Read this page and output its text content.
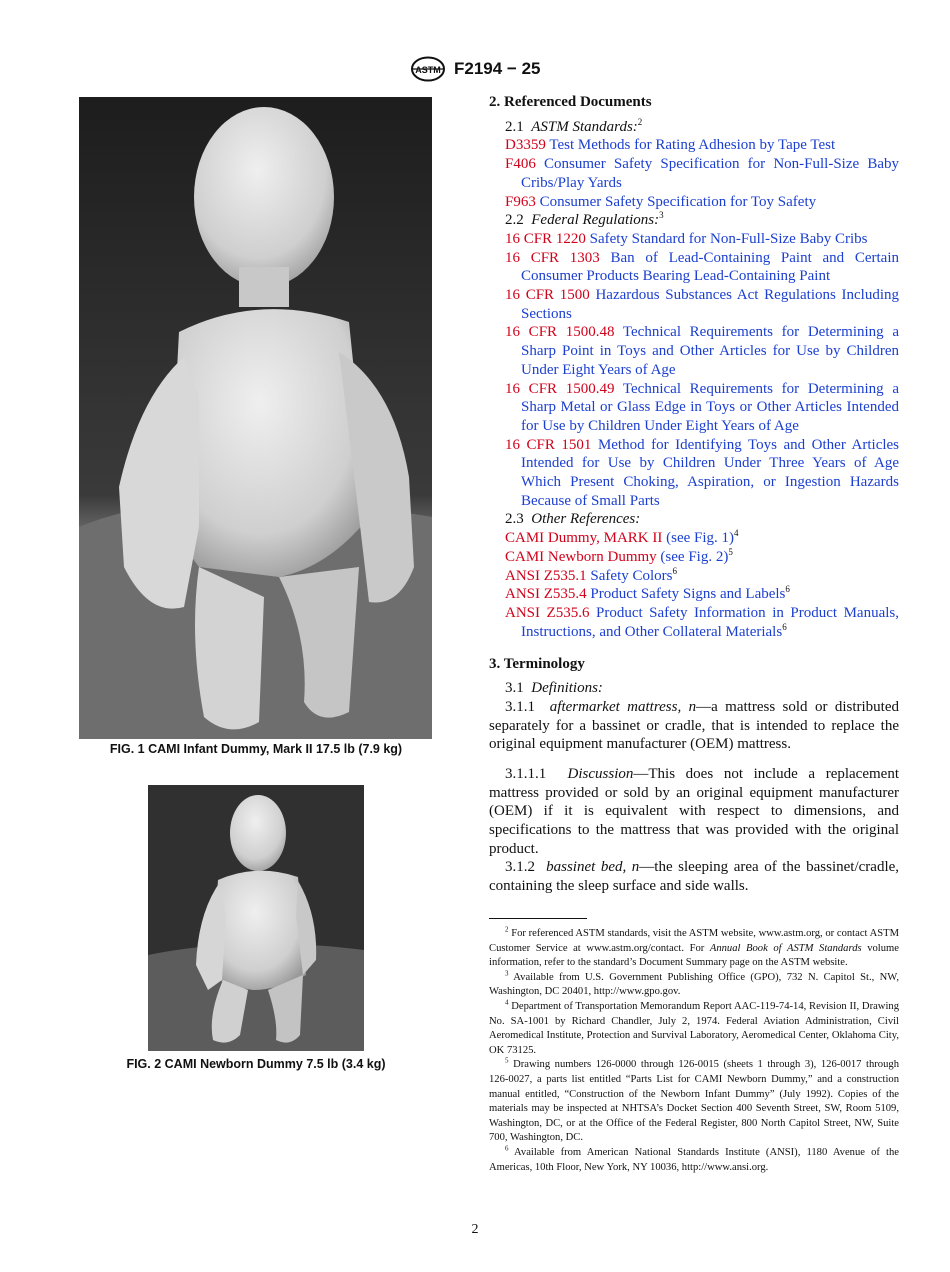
ASTM F2194 − 25
FIG. 1 CAMI Infant Dummy, Mark II 17.5 lb (7.9 kg)
FIG. 2 CAMI Newborn Dummy 7.5 lb (3.4 kg)
2. Referenced Documents
2.1 ASTM Standards:$^2$
D3359 Test Methods for Rating Adhesion by Tape Test
F406 Consumer Safety Specification for Non-Full-Size Baby Cribs/Play Yards
F963 Consumer Safety Specification for Toy Safety
2.2 Federal Regulations:$^3$
16 CFR 1220 Safety Standard for Non-Full-Size Baby Cribs
16 CFR 1303 Ban of Lead-Containing Paint and Certain Consumer Products Bearing Lead-Containing Paint
16 CFR 1500 Hazardous Substances Act Regulations Including Sections
16 CFR 1500.48 Technical Requirements for Determining a Sharp Point in Toys and Other Articles for Use by Children Under Eight Years of Age
16 CFR 1500.49 Technical Requirements for Determining a Sharp Metal or Glass Edge in Toys or Other Articles Intended for Use by Children Under Eight Years of Age
16 CFR 1501 Method for Identifying Toys and Other Articles Intended for Use by Children Under Three Years of Age Which Present Choking, Aspiration, or Ingestion Hazards Because of Small Parts
2.3 Other References:
CAMI Dummy, MARK II (see Fig. 1)$^4$
CAMI Newborn Dummy (see Fig. 2)$^5$
ANSI Z535.1 Safety Colors$^6$
ANSI Z535.4 Product Safety Signs and Labels$^6$
ANSI Z535.6 Product Safety Information in Product Manuals, Instructions, and Other Collateral Materials$^6$
3. Terminology
3.1 Definitions:
3.1.1 aftermarket mattress, n—a mattress sold or distributed separately for a bassinet or cradle, that is intended to replace the original equipment manufacturer (OEM) mattress.
3.1.1.1 Discussion—This does not include a replacement mattress provided or sold by an original equipment manufacturer (OEM) if it is equivalent with respect to dimensions, and specifications to the mattress that was provided with the original product.
3.1.2 bassinet bed, n—the sleeping area of the bassinet/cradle, containing the sleep surface and side walls.
$^2$ For referenced ASTM standards, visit the ASTM website, www.astm.org, or contact ASTM Customer Service at www.astm.org/contact. For Annual Book of ASTM Standards volume information, refer to the standard’s Document Summary page on the ASTM website.
$^3$ Available from U.S. Government Publishing Office (GPO), 732 N. Capitol St., NW, Washington, DC 20401, http://www.gpo.gov.
$^4$ Department of Transportation Memorandum Report AAC-119-74-14, Revision II, Drawing No. SA-1001 by Richard Chandler, July 2, 1974. Federal Aviation Administration, Civil Aeromedical Institute, Protection and Survival Laboratory, Aeromedical Center, Oklahoma City, OK 73125.
$^5$ Drawing numbers 126-0000 through 126-0015 (sheets 1 through 3), 126-0017 through 126-0027, a parts list entitled “Parts List for CAMI Newborn Dummy,” and a construction manual entitled, “Construction of the Newborn Infant Dummy” (July 1992). Copies of the materials may be inspected at NHTSA’s Docket Section 400 Seventh Street, SW, Room 5109, Washington, DC, or at the Office of the Federal Register, 800 North Capitol Street, NW, Suite 700, Washington, DC.
$^6$ Available from American National Standards Institute (ANSI), 1180 Avenue of the Americas, 10th Floor, New York, NY 10036, http://www.ansi.org.
2
